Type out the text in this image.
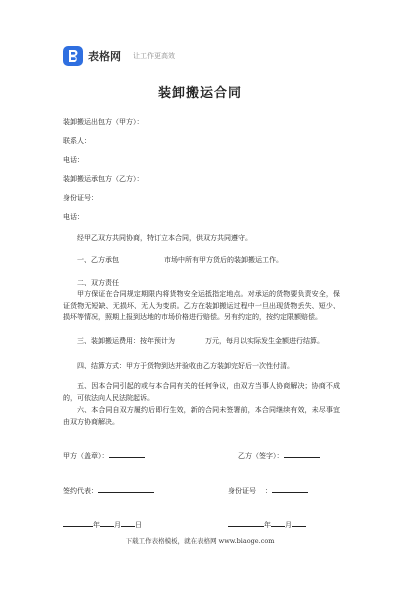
表格网 让工作更高效
装卸搬运合同
装卸搬运出包方（甲方）：
联系人：
电话：
装卸搬运承包方（乙方）：
身份证号：
电话：
经甲乙双方共同协商，特订立本合同，供双方共同遵守。
一、乙方承包	市场中所有甲方货后的装卸搬运工作。
二、双方责任
甲方保证在合同规定期限内将货物安全运抵指定地点。对承运的货物要负责安全，保证货物无短缺、无损坏、无人为变质。乙方在装卸搬运过程中一旦出现货物丢失、短少、损坏等情况，照期上报到达地的市场价格进行赔偿。另有约定的，按约定限额赔偿。
三、装卸搬运费用：按年预计为	万元，每月以实际发生金额进行结算。
四、结算方式：甲方于货物到达并验收由乙方装卸完好后一次性付清。
五、因本合同引起的或与本合同有关的任何争议，由双方当事人协商解决；协商不成的，可依法向人民法院起诉。
六、本合同自双方履约后即行生效，新的合同未签署前，本合同继续有效，未尽事宜由双方协商解决。
甲方（盖章）：	乙方（签字）：
签约代表：	身份证号 ：
年 月 日	年 月
下载工作表格模板，就在表格网 www.biaoge.com
